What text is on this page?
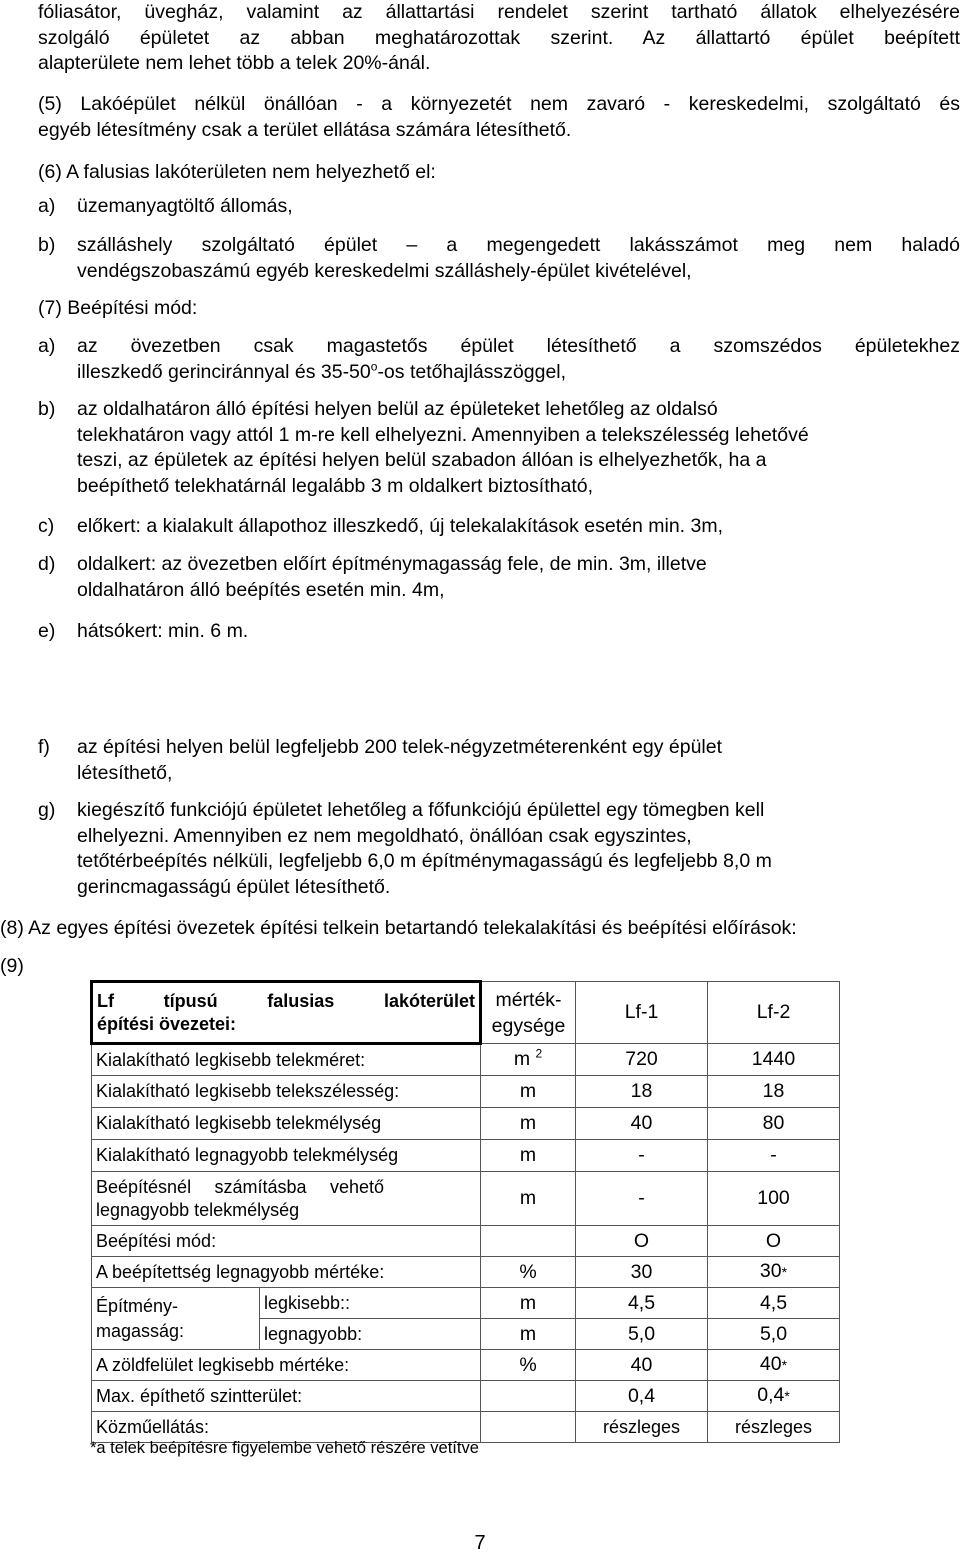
fóliasátor, üvegház, valamint az állattartási rendelet szerint tartható állatok elhelyezésére
szolgáló épületet az abban meghatározottak szerint. Az állattartó épület beépített
alapterülete nem lehet több a telek 20%-ánál.
(5) Lakóépület nélkül önállóan - a környezetét nem zavaró - kereskedelmi, szolgáltató és
egyéb létesítmény csak a terület ellátása számára létesíthető.
(6) A falusias lakóterületen nem helyezhető el:
a) üzemanyagtöltő állomás,
b) szálláshely szolgáltató épület – a megengedett lakásszámot meg nem haladó
vendégszobaszámú egyéb kereskedelmi szálláshely-épület kivételével,
(7) Beépítési mód:
a) az övezetben csak magastetős épület létesíthető a szomszédos épületekhez
illeszkedő gerinciránnyal és 35-50$^o$-os tetőhajlásszöggel,
b) az oldalhatáron álló építési helyen belül az épületeket lehetőleg az oldalsó
telekhatáron vagy attól 1 m-re kell elhelyezni. Amennyiben a telekszélesség lehetővé
teszi, az épületek az építési helyen belül szabadon állóan is elhelyezhetők, ha a
beépíthető telekhatárnál legalább 3 m oldalkert biztosítható,
c) előkert: a kialakult állapothoz illeszkedő, új telekalakítások esetén min. 3m,
d) oldalkert: az övezetben előírt építménymagasság fele, de min. 3m, illetve
oldalhatáron álló beépítés esetén min. 4m,
e) hátsókert: min. 6 m.
f) az építési helyen belül legfeljebb 200 telek-négyzetméterenként egy épület
létesíthető,
g) kiegészítő funkciójú épületet lehetőleg a főfunkciójú épülettel egy tömegben kell
elhelyezni. Amennyiben ez nem megoldható, önállóan csak egyszintes,
tetőtérbeépítés nélküli, legfeljebb 6,0 m építménymagasságú és legfeljebb 8,0 m
gerincmagasságú épület létesíthető.
(8) Az egyes építési övezetek építési telkein betartandó telekalakítási és beépítési előírások:
(9)
Lf típusú falusias lakóterület
építési övezetei:		mérték-
egysége	Lf-1	Lf-2
Kialakítható legkisebb telekméret:		m $^2$	720	1440
Kialakítható legkisebb telekszélesség:		m	18	18
Kialakítható legkisebb telekmélység		m	40	80
Kialakítható legnagyobb telekmélység		m	-	-

Beépítésnél számításba vehető
legnagyobb telekmélység		m	-	100
Beépítési mód:			O	O
A beépítettség legnagyobb mértéke:		%	30	30*

Építmény-
magasság:	legkisebb::	m	4,5	4,5
	legnagyobb:	m	5,0	5,0
A zöldfelület legkisebb mértéke:		%	40	40*
Max. építhető szintterület:			0,4	0,4*
Közműellátás:			részleges	részleges
*a telek beépítésre figyelembe vehető részére vetítve
7
